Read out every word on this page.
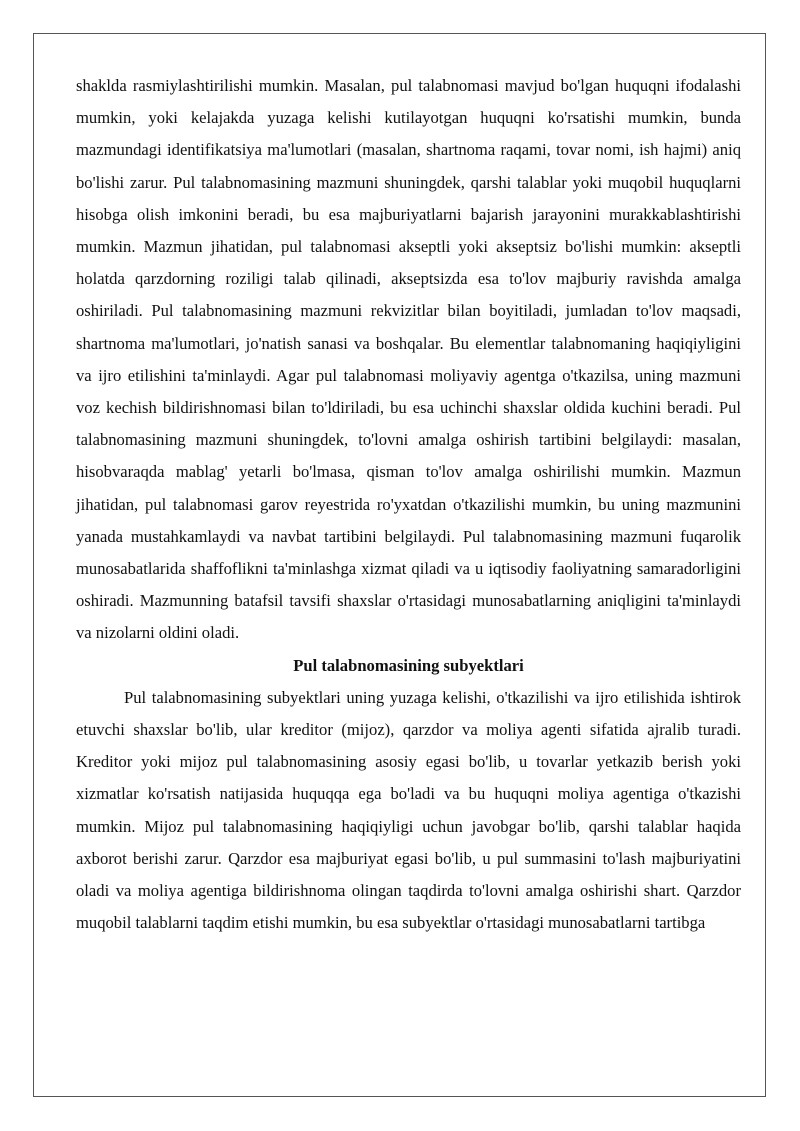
shaklda rasmiylashtirilishi mumkin. Masalan, pul talabnomasi mavjud bo'lgan huquqni ifodalashi mumkin, yoki kelajakda yuzaga kelishi kutilayotgan huquqni ko'rsatishi mumkin, bunda mazmundagi identifikatsiya ma'lumotlari (masalan, shartnoma raqami, tovar nomi, ish hajmi) aniq bo'lishi zarur. Pul talabnomasining mazmuni shuningdek, qarshi talablar yoki muqobil huquqlarni hisobga olish imkonini beradi, bu esa majburiyatlarni bajarish jarayonini murakkablashtirishi mumkin. Mazmun jihatidan, pul talabnomasi akseptli yoki akseptsiz bo'lishi mumkin: akseptli holatda qarzdorning roziligi talab qilinadi, akseptsizda esa to'lov majburiy ravishda amalga oshiriladi. Pul talabnomasining mazmuni rekvizitlar bilan boyitiladi, jumladan to'lov maqsadi, shartnoma ma'lumotlari, jo'natish sanasi va boshqalar. Bu elementlar talabnomaning haqiqiyligini va ijro etilishini ta'minlaydi. Agar pul talabnomasi moliyaviy agentga o'tkazilsa, uning mazmuni voz kechish bildirishnomasi bilan to'ldiriladi, bu esa uchinchi shaxslar oldida kuchini beradi. Pul talabnomasining mazmuni shuningdek, to'lovni amalga oshirish tartibini belgilaydi: masalan, hisobvaraqda mablag' yetarli bo'lmasa, qisman to'lov amalga oshirilishi mumkin. Mazmun jihatidan, pul talabnomasi garov reyestrida ro'yxatdan o'tkazilishi mumkin, bu uning mazmunini yanada mustahkamlaydi va navbat tartibini belgilaydi. Pul talabnomasining mazmuni fuqarolik munosabatlarida shaffoflikni ta'minlashga xizmat qiladi va u iqtisodiy faoliyatning samaradorligini oshiradi. Mazmunning batafsil tavsifi shaxslar o'rtasidagi munosabatlarning aniqligini ta'minlaydi va nizolarni oldini oladi.

Pul talabnomasining subyektlari

Pul talabnomasining subyektlari uning yuzaga kelishi, o'tkazilishi va ijro etilishida ishtirok etuvchi shaxslar bo'lib, ular kreditor (mijoz), qarzdor va moliya agenti sifatida ajralib turadi. Kreditor yoki mijoz pul talabnomasining asosiy egasi bo'lib, u tovarlar yetkazib berish yoki xizmatlar ko'rsatish natijasida huquqqa ega bo'ladi va bu huquqni moliya agentiga o'tkazishi mumkin. Mijoz pul talabnomasining haqiqiyligi uchun javobgar bo'lib, qarshi talablar haqida axborot berishi zarur. Qarzdor esa majburiyat egasi bo'lib, u pul summasini to'lash majburiyatini oladi va moliya agentiga bildirishnoma olingan taqdirda to'lovni amalga oshirishi shart. Qarzdor muqobil talablarni taqdim etishi mumkin, bu esa subyektlar o'rtasidagi munosabatlarni tartibga
